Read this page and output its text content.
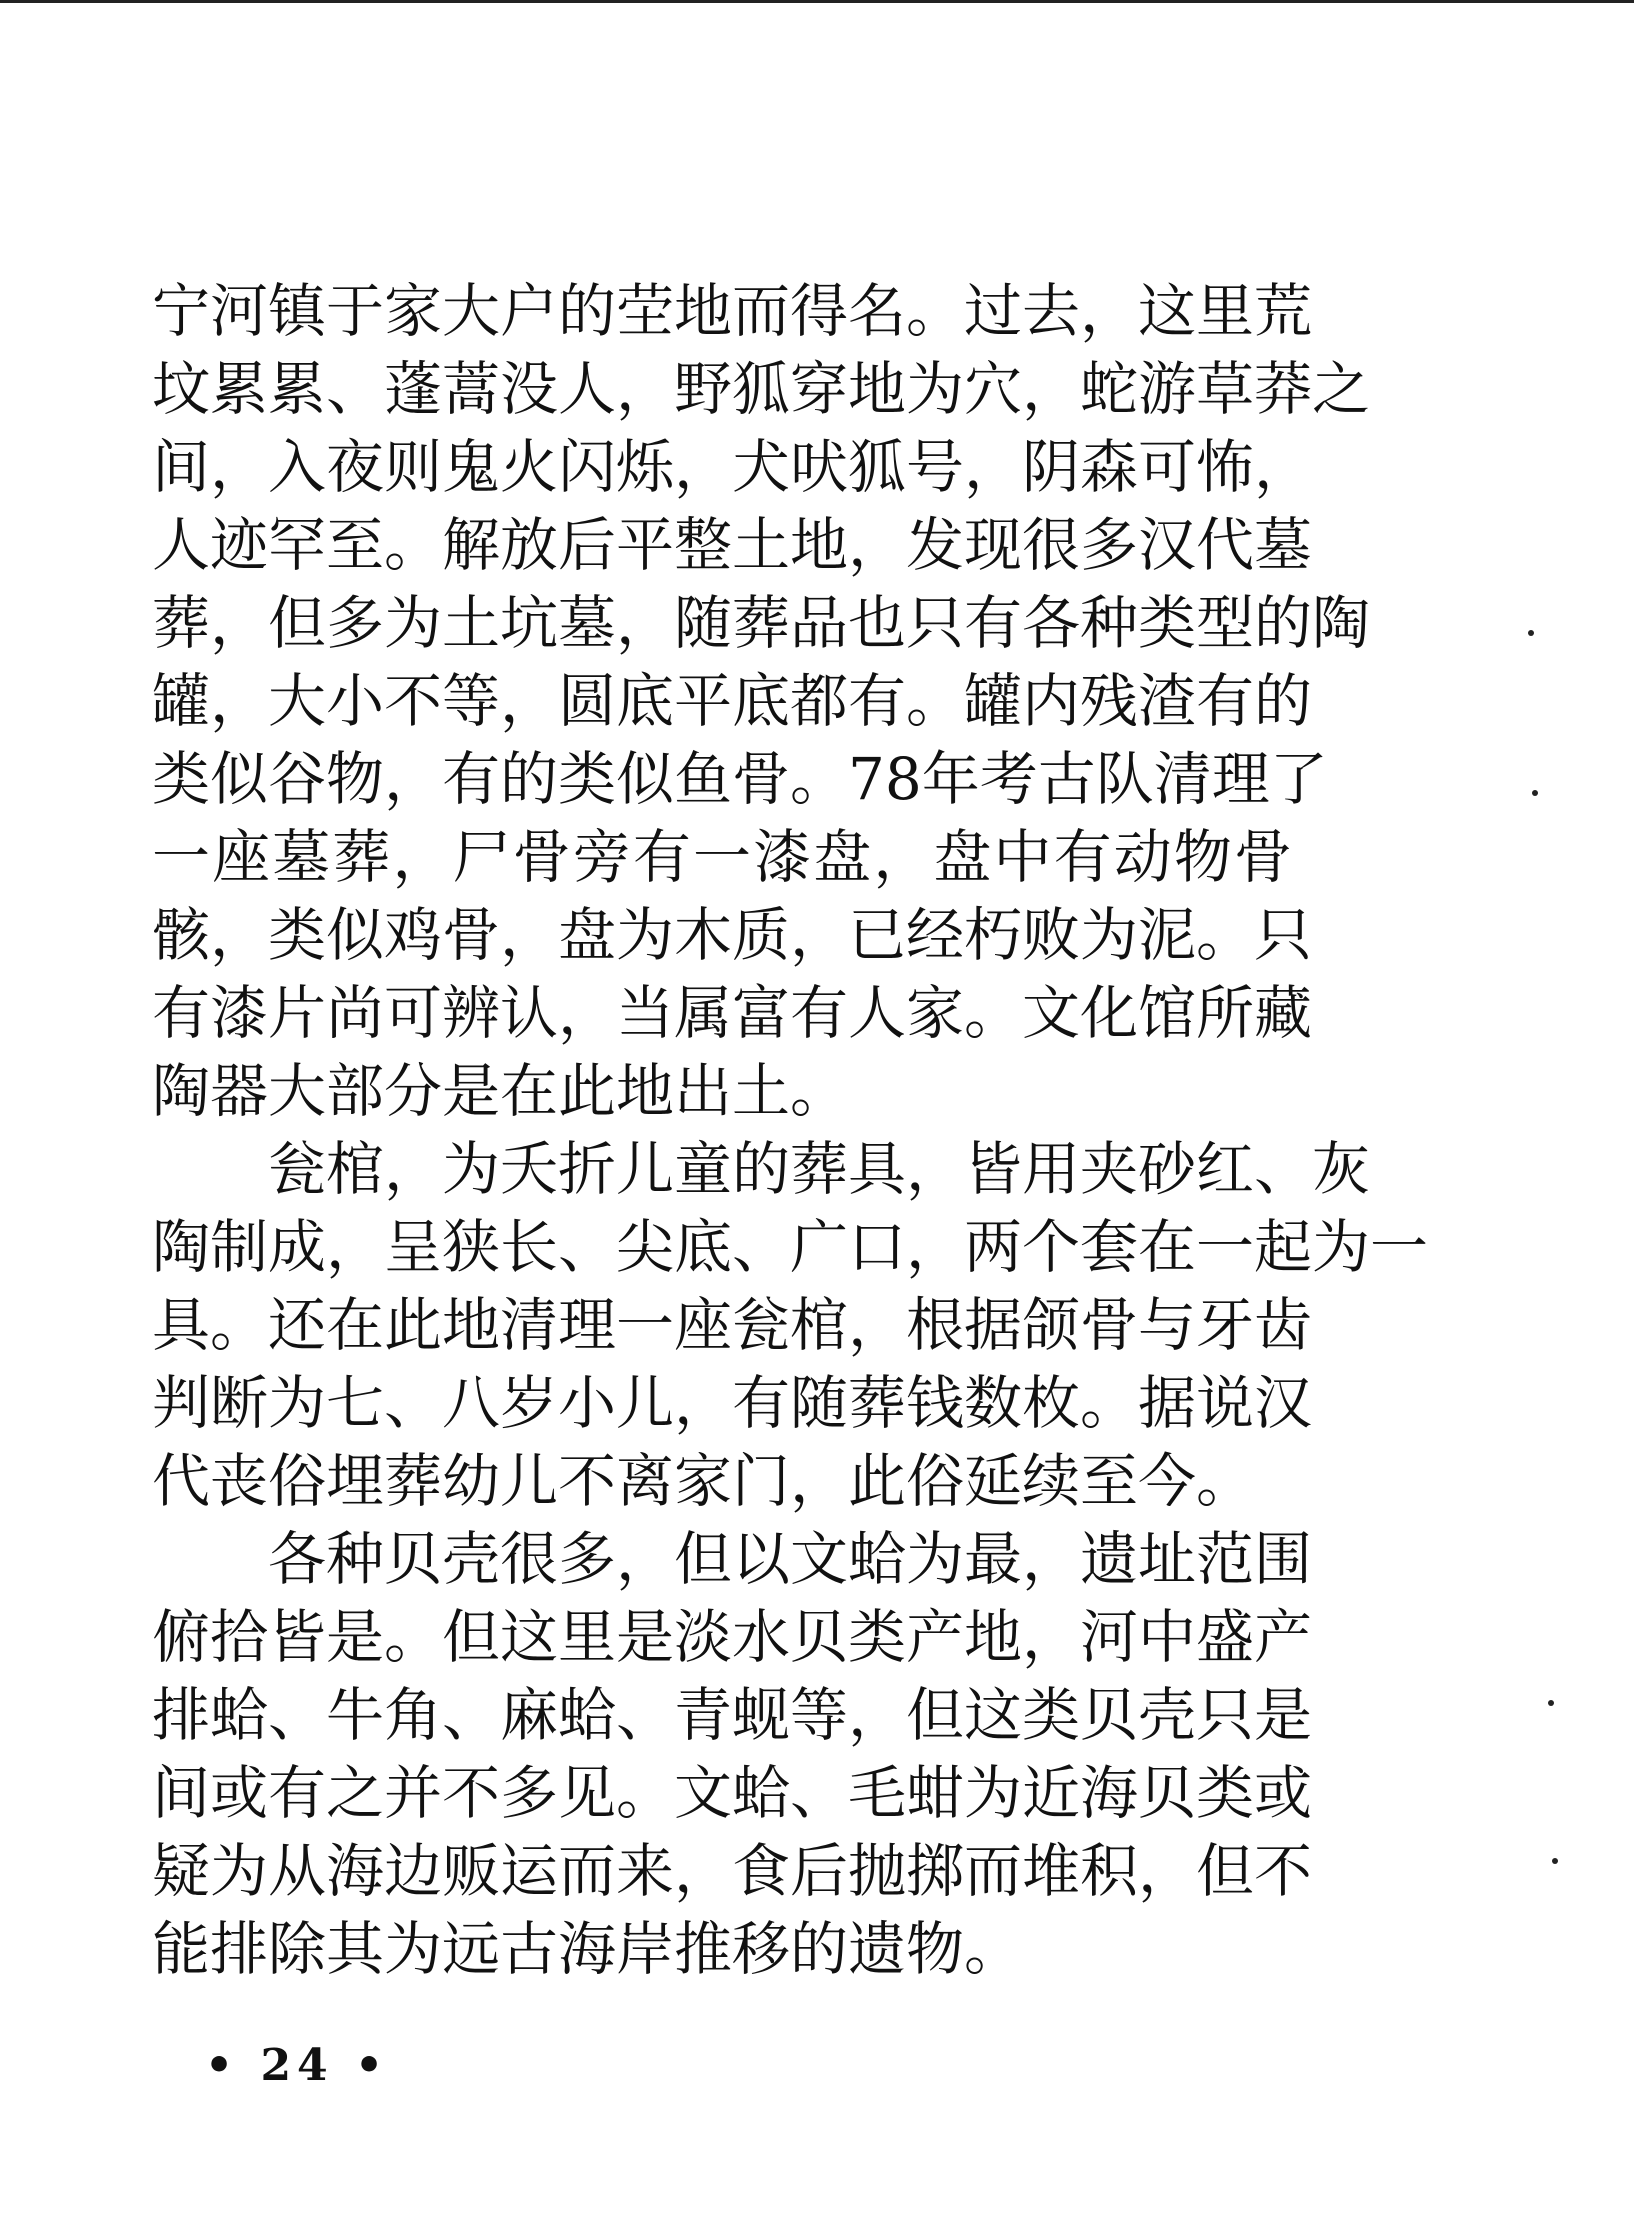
宁河镇于家大户的茔地而得名。过去，这里荒
坟累累、蓬蒿没人，野狐穿地为穴，蛇游草莽之
间，入夜则鬼火闪烁，犬吠狐号，阴森可怖，
人迹罕至。解放后平整土地，发现很多汉代墓
葬，但多为土坑墓，随葬品也只有各种类型的陶
罐，大小不等，圆底平底都有。罐内残渣有的
类似谷物，有的类似鱼骨。78年考古队清理了
一座墓葬，尸骨旁有一漆盘，盘中有动物骨
骸，类似鸡骨，盘为木质，已经朽败为泥。只
有漆片尚可辨认，当属富有人家。文化馆所藏
陶器大部分是在此地出土。
瓮棺，为夭折儿童的葬具，皆用夹砂红、灰
陶制成，呈狭长、尖底、广口，两个套在一起为一
具。还在此地清理一座瓮棺，根据颌骨与牙齿
判断为七、八岁小儿，有随葬钱数枚。据说汉
代丧俗埋葬幼儿不离家门，此俗延续至今。
各种贝壳很多，但以文蛤为最，遗址范围
俯拾皆是。但这里是淡水贝类产地，河中盛产
排蛤、牛角、麻蛤、青蚬等，但这类贝壳只是
间或有之并不多见。文蛤、毛蚶为近海贝类或
疑为从海边贩运而来，食后抛掷而堆积，但不
能排除其为远古海岸推移的遗物。
• 24 •
